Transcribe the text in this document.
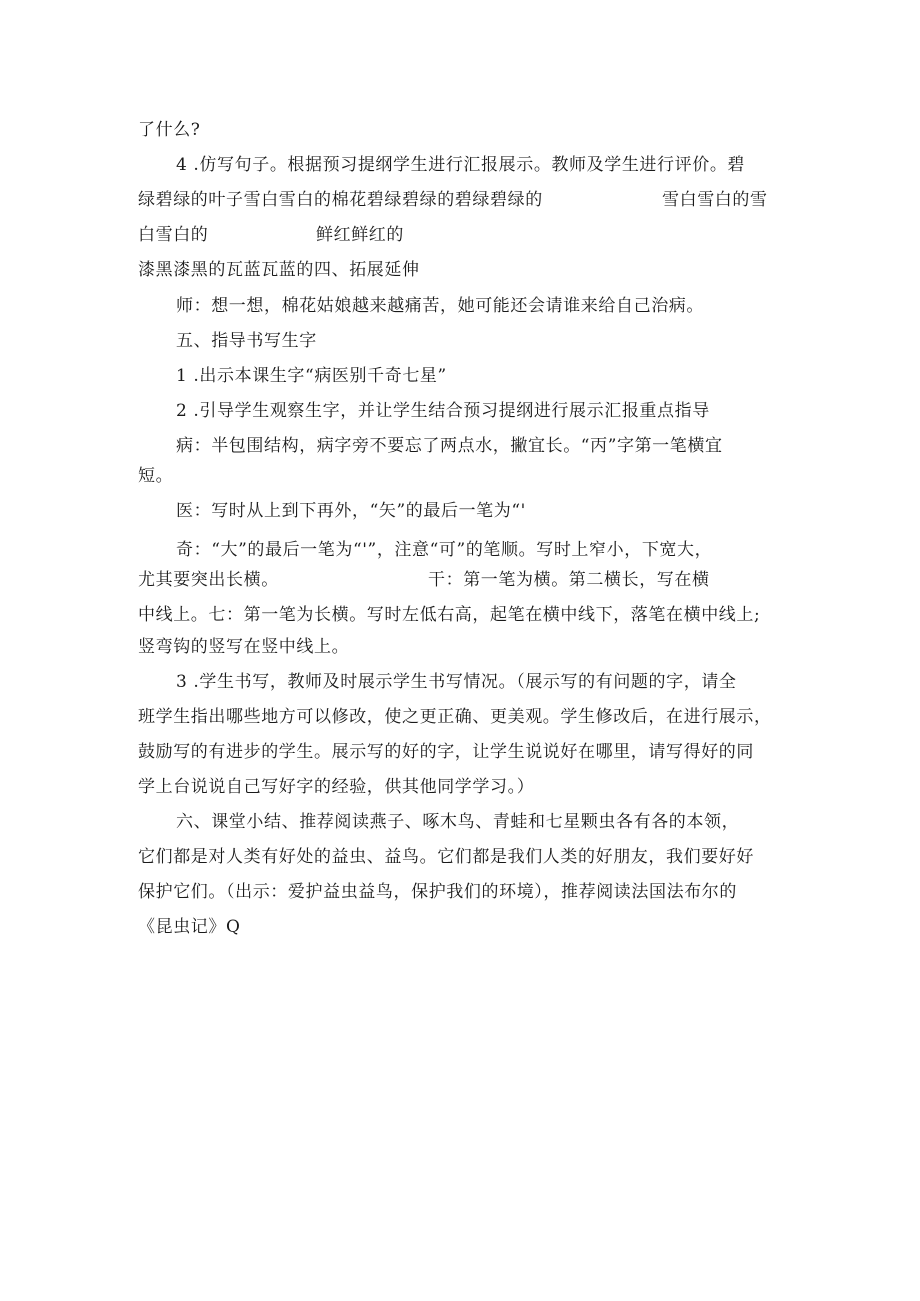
了什么?
4 .仿写句子。根据预习提纲学生进行汇报展示。教师及学生进行评价。碧
绿碧绿的叶子雪白雪白的棉花碧绿碧绿的碧绿碧绿的	雪白雪白的雪
白雪白的	鲜红鲜红的
漆黑漆黑的瓦蓝瓦蓝的四、拓展延伸
师：想一想，棉花姑娘越来越痛苦，她可能还会请谁来给自己治病。
五、指导书写生字
1 .出示本课生字“病医别千奇七星”
2 .引导学生观察生字，并让学生结合预习提纲进行展示汇报重点指导
病：半包围结构，病字旁不要忘了两点水，撇宜长。“丙”字第一笔横宜
短。
医：写时从上到下再外，“矢”的最后一笔为“'
奇：“大”的最后一笔为“'”，注意“可”的笔顺。写时上窄小，下宽大，
尤其要突出长横。	干：第一笔为横。第二横长，写在横
中线上。七：第一笔为长横。写时左低右高，起笔在横中线下，落笔在横中线上;
竖弯钩的竖写在竖中线上。
3 .学生书写，教师及时展示学生书写情况。（展示写的有问题的字，请全
班学生指出哪些地方可以修改，使之更正确、更美观。学生修改后，在进行展示，
鼓励写的有进步的学生。展示写的好的字，让学生说说好在哪里，请写得好的同
学上台说说自己写好字的经验，供其他同学学习。）
六、课堂小结、推荐阅读燕子、啄木鸟、青蛙和七星颗虫各有各的本领，
它们都是对人类有好处的益虫、益鸟。它们都是我们人类的好朋友，我们要好好
保护它们。（出示：爱护益虫益鸟，保护我们的环境），推荐阅读法国法布尔的
《昆虫记》Q
